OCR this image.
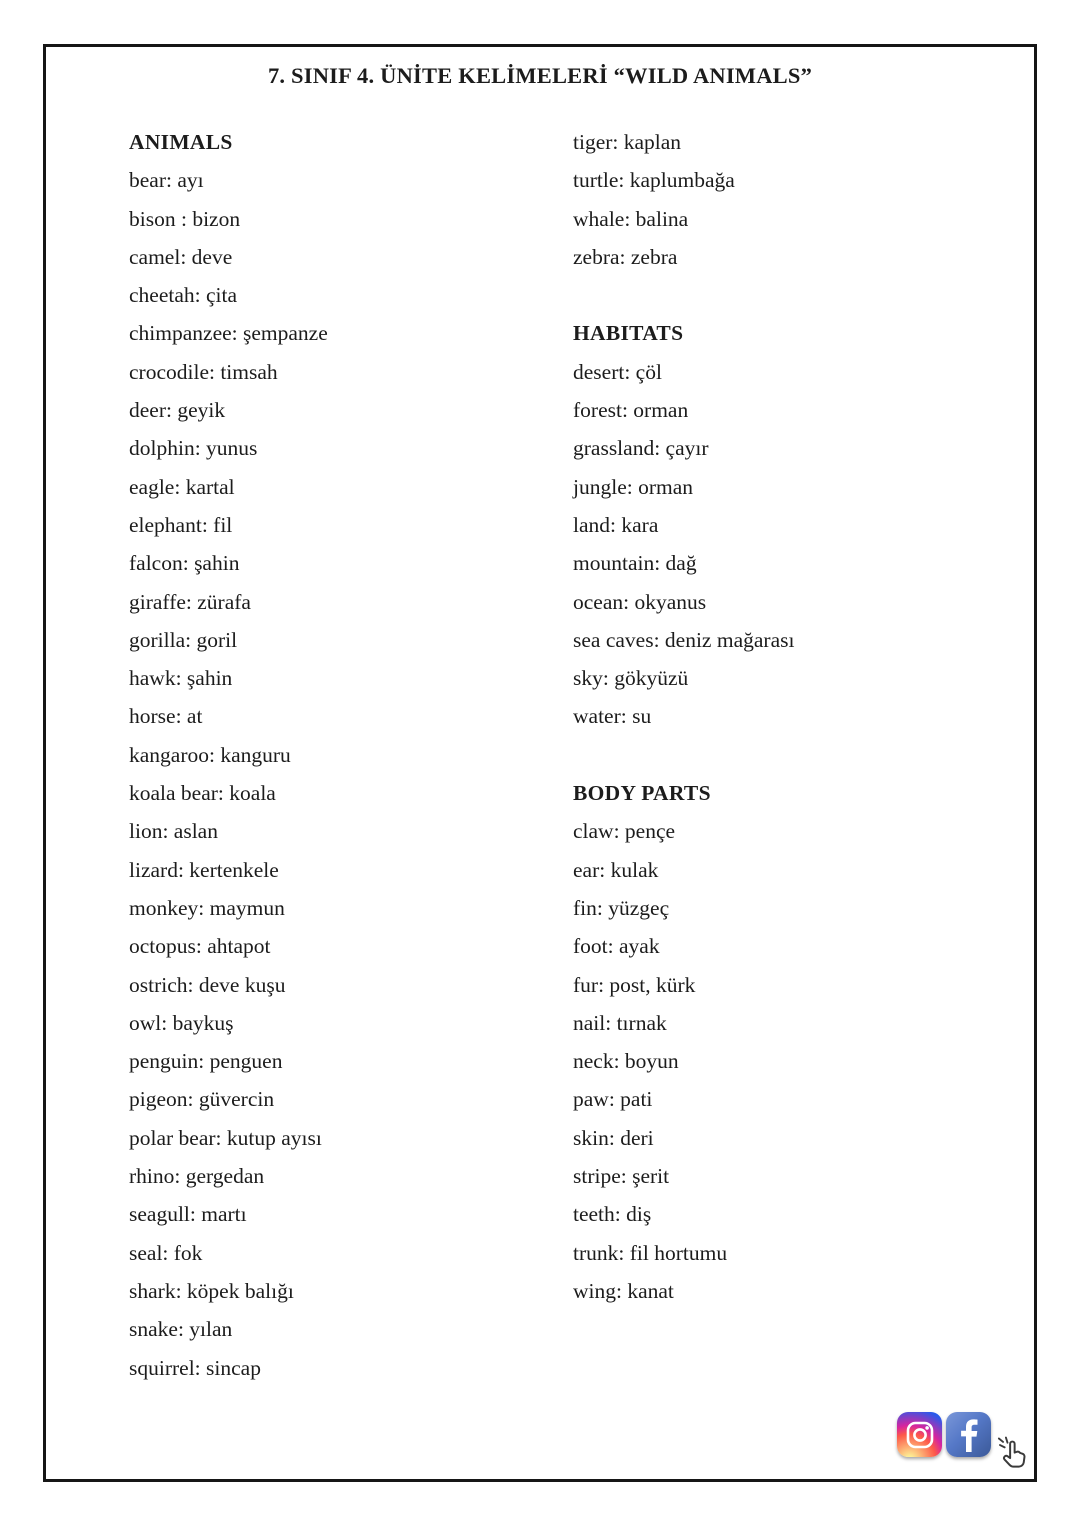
7. SINIF 4. ÜNİTE KELİMELERİ “WILD ANIMALS”
ANIMALS
bear: ayı
bison : bizon
camel: deve
cheetah: çita
chimpanzee: şempanze
crocodile: timsah
deer: geyik
dolphin: yunus
eagle: kartal
elephant: fil
falcon: şahin
giraffe: zürafa
gorilla: goril
hawk: şahin
horse: at
kangaroo: kanguru
koala bear: koala
lion: aslan
lizard: kertenkele
monkey: maymun
octopus: ahtapot
ostrich: deve kuşu
owl: baykuş
penguin: penguen
pigeon: güvercin
polar bear: kutup ayısı
rhino: gergedan
seagull: martı
seal: fok
shark: köpek balığı
snake: yılan
squirrel: sincap
tiger: kaplan
turtle: kaplumbağa
whale: balina
zebra: zebra

HABITATS
desert: çöl
forest: orman
grassland: çayır
jungle: orman
land: kara
mountain: dağ
ocean: okyanus
sea caves: deniz mağarası
sky: gökyüzü
water: su

BODY PARTS
claw: pençe
ear: kulak
fin: yüzgeç
foot: ayak
fur: post, kürk
nail: tırnak
neck: boyun
paw: pati
skin: deri
stripe: şerit
teeth: diş
trunk: fil hortumu
wing: kanat
